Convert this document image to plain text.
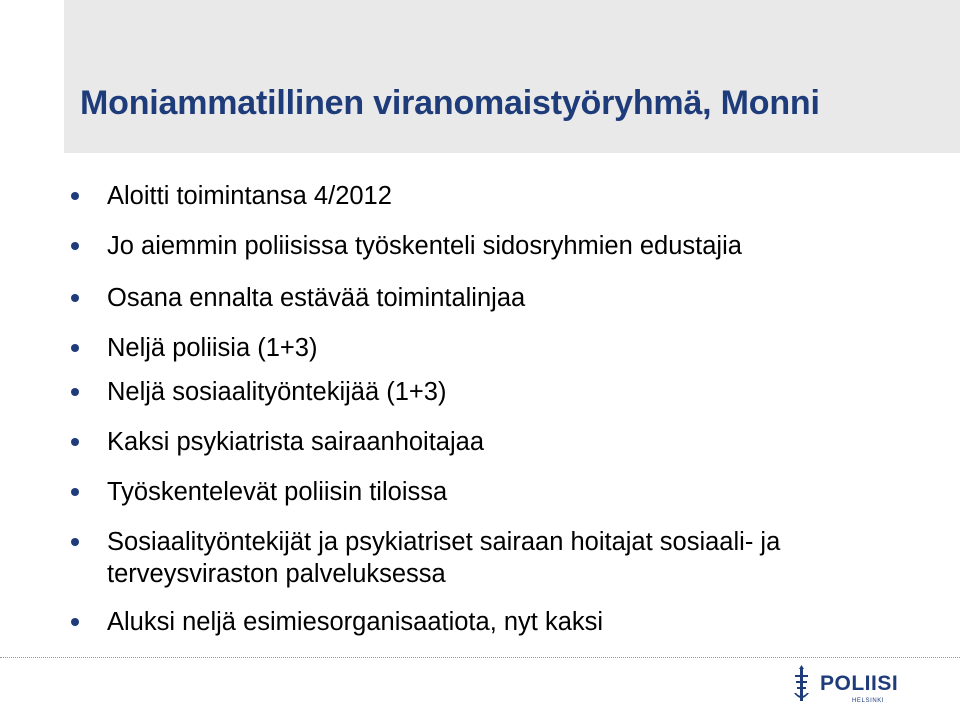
Moniammatillinen viranomaistyöryhmä, Monni
Aloitti toimintansa 4/2012
Jo aiemmin poliisissa työskenteli sidosryhmien edustajia
Osana ennalta estävää toimintalinjaa
Neljä poliisia (1+3)
Neljä sosiaalityöntekijää (1+3)
Kaksi psykiatrista sairaanhoitajaa
Työskentelevät poliisin tiloissa
Sosiaalityöntekijät ja psykiatriset sairaan hoitajat sosiaali- ja
terveysviraston palveluksessa
Aluksi neljä esimiesorganisaatiota, nyt kaksi
POLIISI
HELSINKI
